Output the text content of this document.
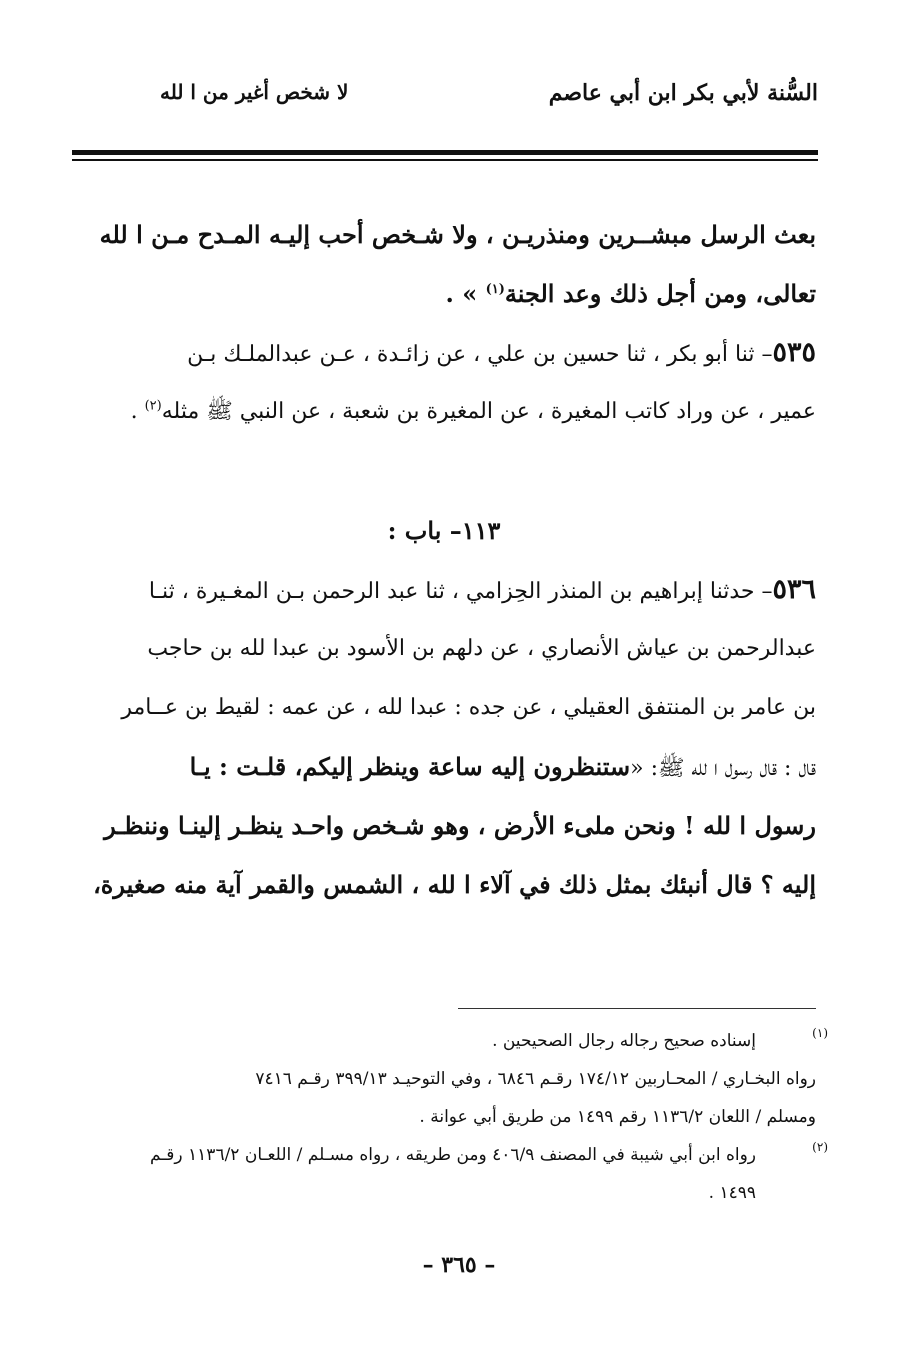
السُّنة لأبي بكر ابن أبي عاصم
لا شخص أغير من ا لله
بعث الرسل مبشــرين ومنذريـن ، ولا شـخص أحب إليـه المـدح مـن ا لله
تعالى، ومن أجل ذلك وعد الجنة$^{(١)}$ » .
٥٣٥– ثنا أبو بكر ، ثنا حسين بن علي ، عن زائـدة ، عـن عبدالملـك بـن
عمير ، عن وراد كاتب المغيرة ، عن المغيرة بن شعبة ، عن النبي ﷺ مثله$^{(٢)}$ .
١١٣– باب :
٥٣٦– حدثنا إبراهيم بن المنذر الحِزامي ، ثنا عبد الرحمن بـن المغـيرة ، ثنـا
عبدالرحمن بن عياش الأنصاري ، عن دلهم بن الأسود بن عبدا لله بن حاجب
بن عامر بن المنتفق العقيلي ، عن جده : عبدا لله ، عن عمه : لقيط بن عــامر
قال : قال رسول ا لله ﷺ: «ستنظرون إليه ساعة وينظر إليكم، قلـت : يـا
رسول ا لله ! ونحن ملىء الأرض ، وهو شـخص واحـد ينظـر إلينـا وننظـر
إليه ؟ قال أنبئك بمثل ذلك في آلاء ا لله ، الشمس والقمر آية منه صغيرة،
(١)
إسناده صحيح رجاله رجال الصحيحين .
رواه البخـاري / المحـاربين ١٧٤/١٢ رقـم ٦٨٤٦ ، وفي التوحيـد ٣٩٩/١٣ رقـم ٧٤١٦
ومسلم / اللعان ١١٣٦/٢ رقم ١٤٩٩ من طريق أبي عوانة .
(٢)
رواه ابن أبي شيبة في المصنف ٤٠٦/٩ ومن طريقه ، رواه مسـلم / اللعـان ١١٣٦/٢ رقـم
١٤٩٩ .
– ٣٦٥ –
